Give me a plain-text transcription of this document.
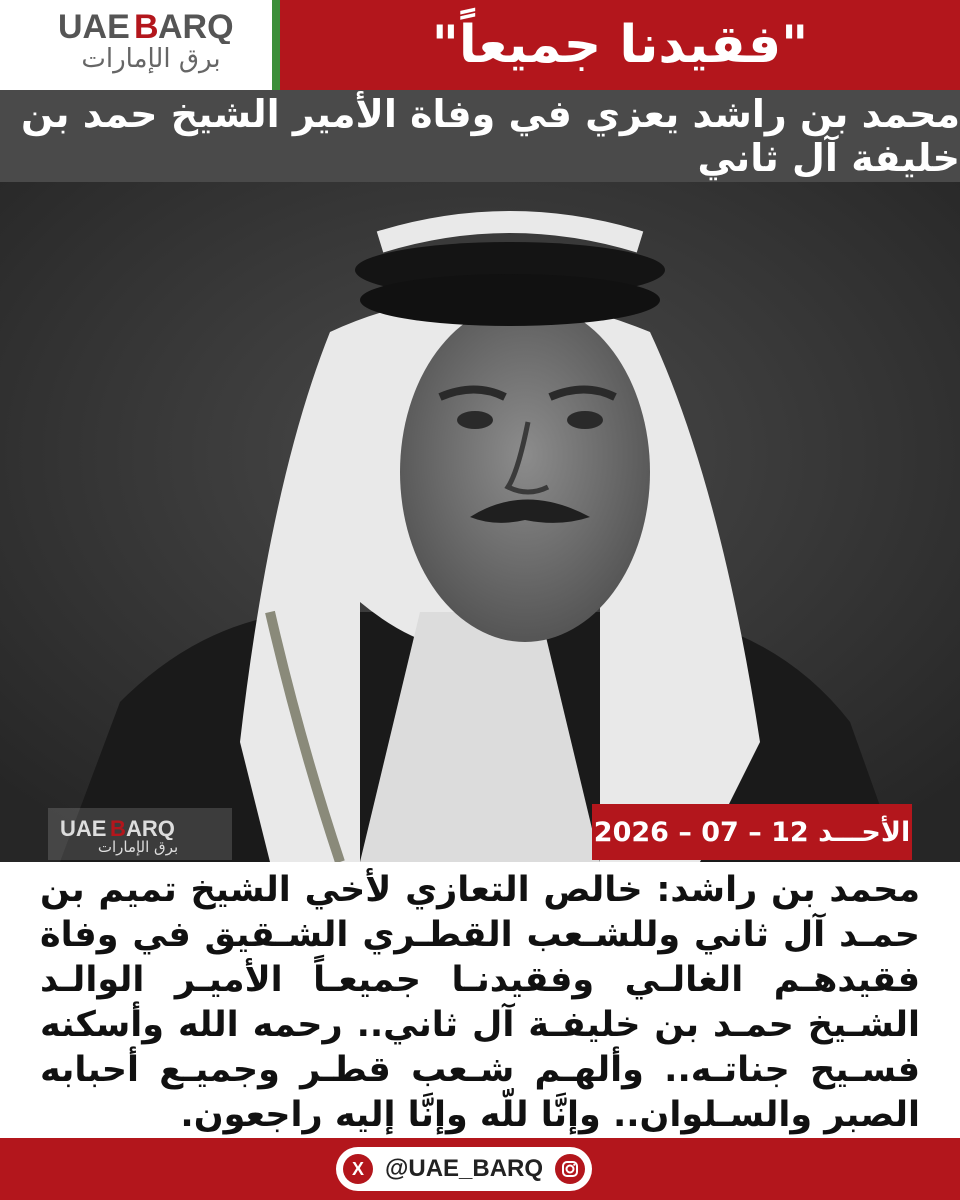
UAE B ARQ
برق الإمارات	"فقيدنا جميعاً"
محمد بن راشد يعزي في وفاة الأمير الشيخ حمد بن خليفة آل ثاني
UAE B ARQ
برق الإمارات	الأحـــد 12 – 07 – 2026
محمد بن راشد: خالص التعازي لأخي الشيخ تميم بن حمـد آل ثاني وللشـعب القطـري الشـقيق في وفاة فقيدهـم الغالـي وفقيدنـا جميعـاً الأميـر الوالـد الشـيخ حمـد بن خليفـة آل ثاني.. رحمه الله وأسكنه فسـيح جناتـه.. وألهـم شـعب قطـر وجميـع أحبابه الصبر والسـلوان.. وإنَّا للّه وإنَّا إليه راجعون.
X @UAE_BARQ
